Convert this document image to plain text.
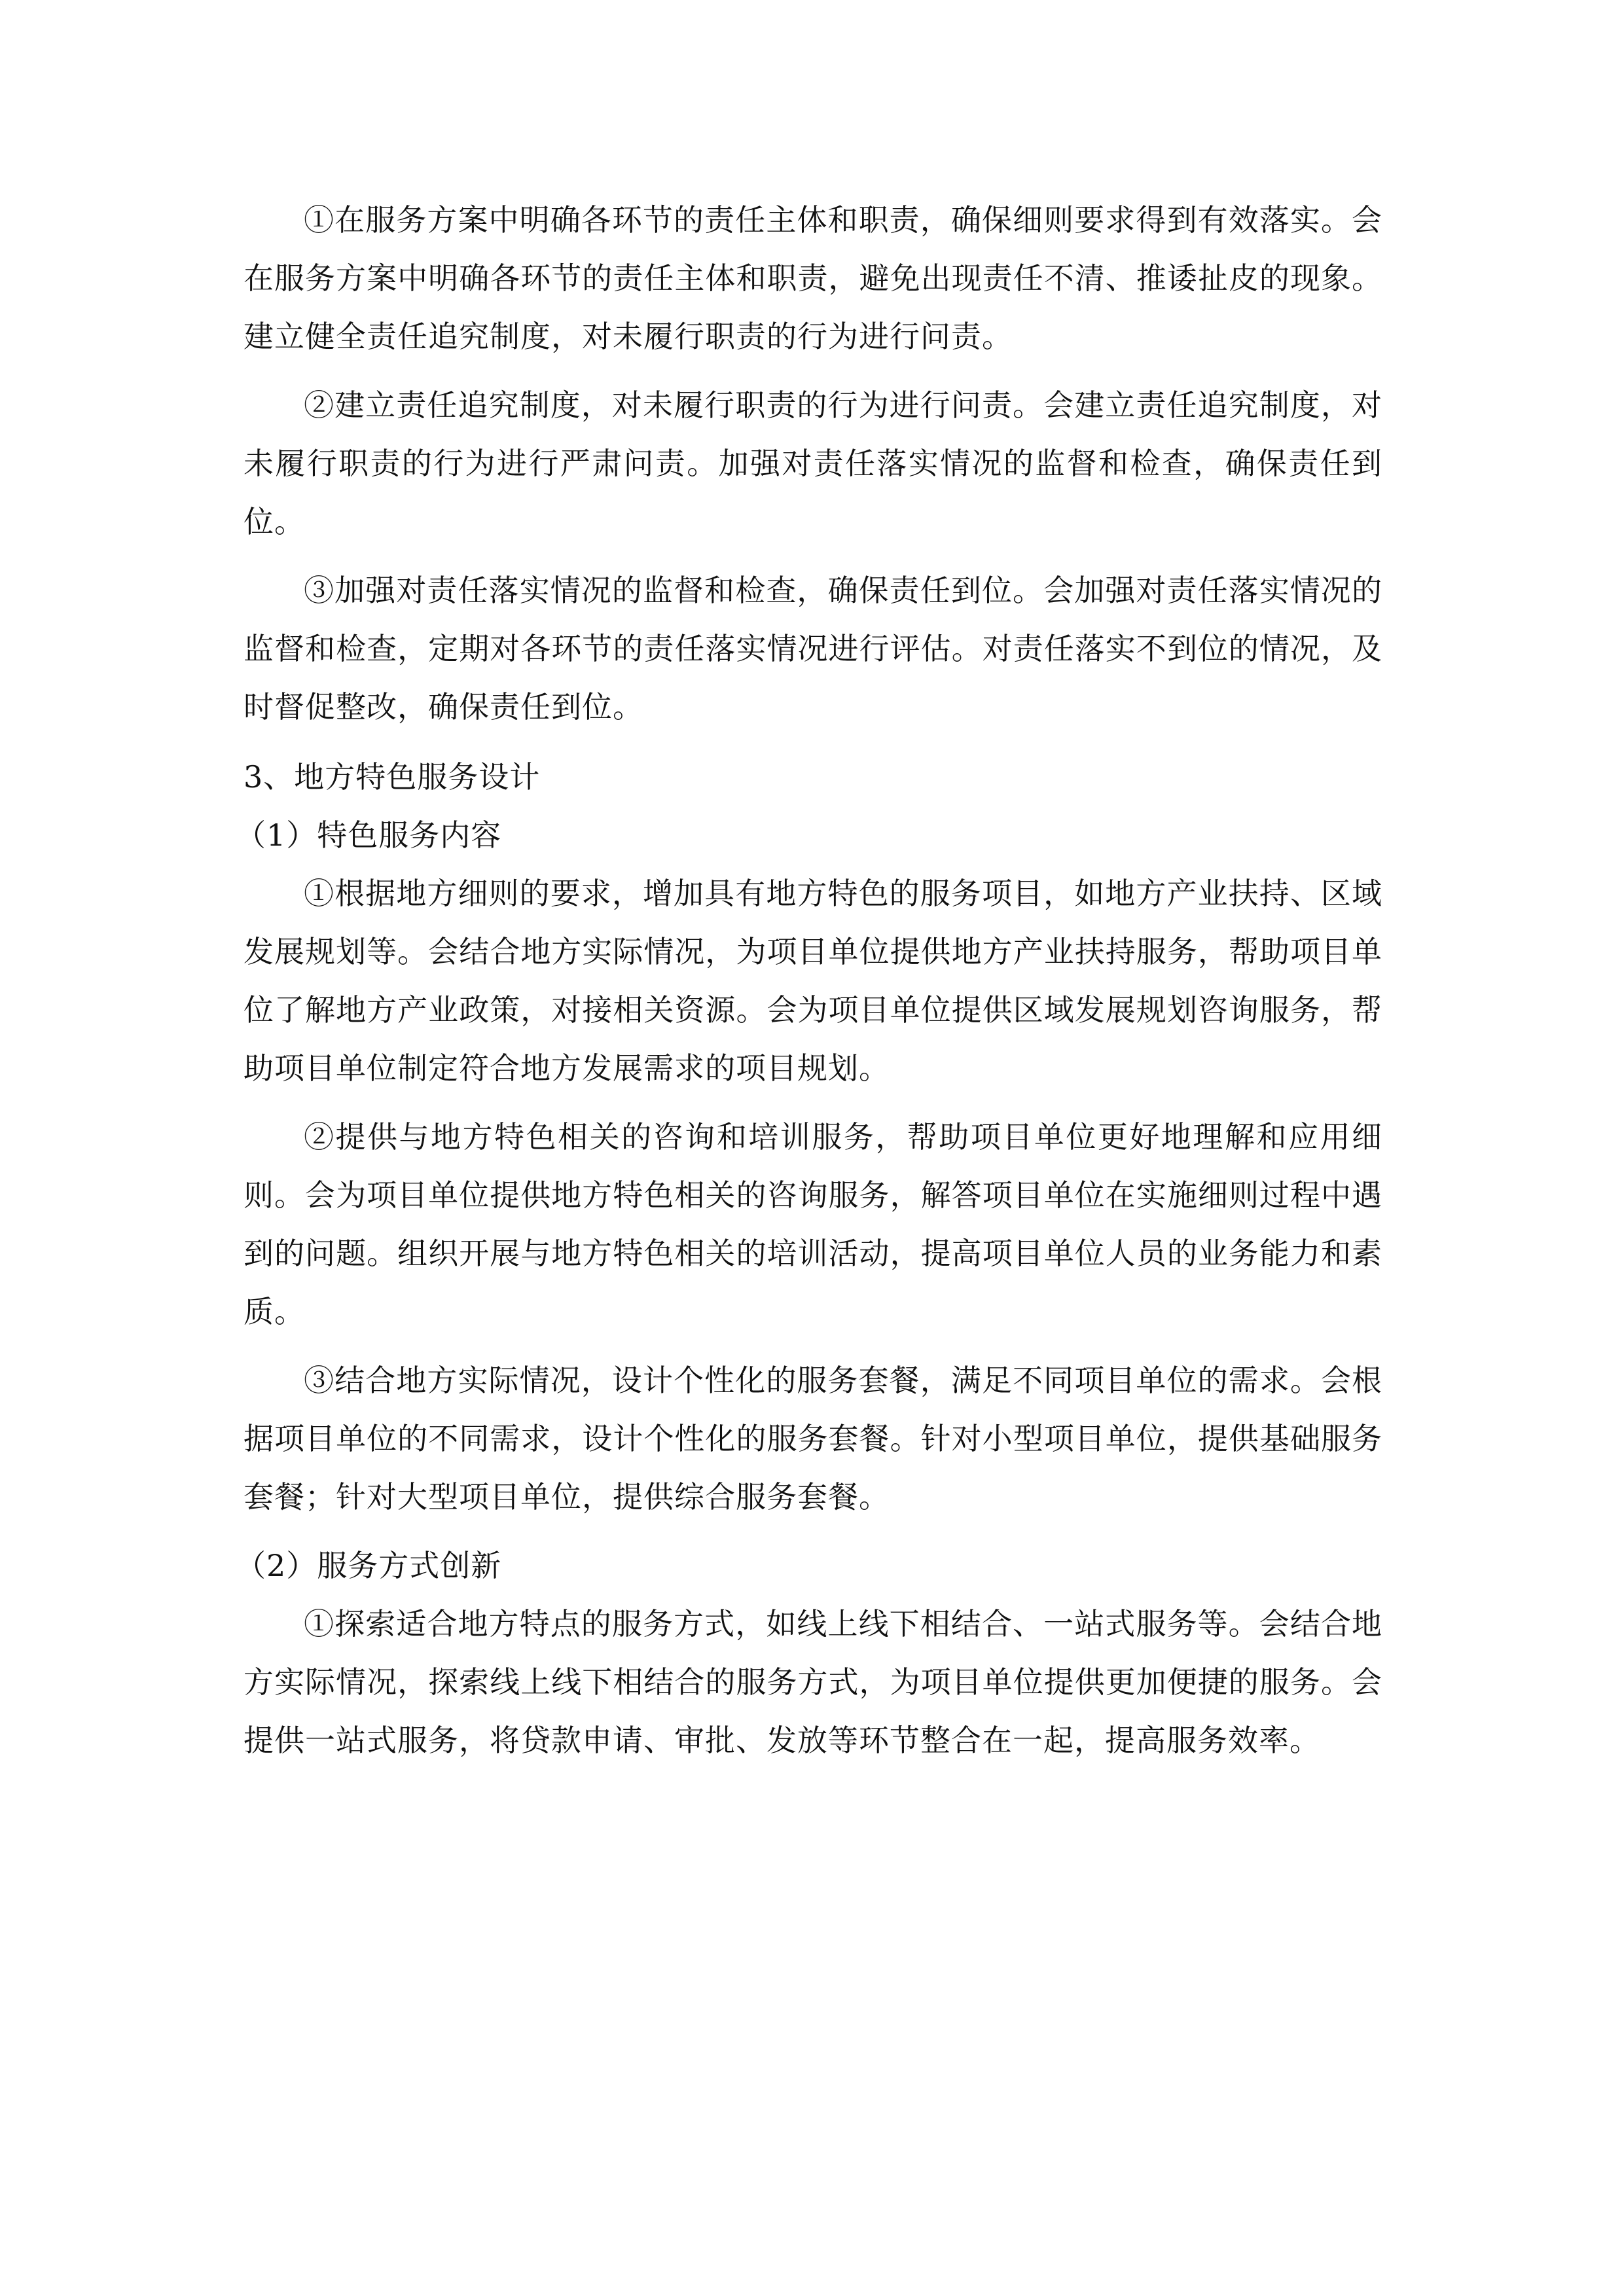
①在服务方案中明确各环节的责任主体和职责，确保细则要求得到有效落实。会在服务方案中明确各环节的责任主体和职责，避免出现责任不清、推诿扯皮的现象。建立健全责任追究制度，对未履行职责的行为进行问责。

②建立责任追究制度，对未履行职责的行为进行问责。会建立责任追究制度，对未履行职责的行为进行严肃问责。加强对责任落实情况的监督和检查，确保责任到位。

③加强对责任落实情况的监督和检查，确保责任到位。会加强对责任落实情况的监督和检查，定期对各环节的责任落实情况进行评估。对责任落实不到位的情况，及时督促整改，确保责任到位。

3、地方特色服务设计

（1）特色服务内容

①根据地方细则的要求，增加具有地方特色的服务项目，如地方产业扶持、区域发展规划等。会结合地方实际情况，为项目单位提供地方产业扶持服务，帮助项目单位了解地方产业政策，对接相关资源。会为项目单位提供区域发展规划咨询服务，帮助项目单位制定符合地方发展需求的项目规划。

②提供与地方特色相关的咨询和培训服务，帮助项目单位更好地理解和应用细则。会为项目单位提供地方特色相关的咨询服务，解答项目单位在实施细则过程中遇到的问题。组织开展与地方特色相关的培训活动，提高项目单位人员的业务能力和素质。

③结合地方实际情况，设计个性化的服务套餐，满足不同项目单位的需求。会根据项目单位的不同需求，设计个性化的服务套餐。针对小型项目单位，提供基础服务套餐；针对大型项目单位，提供综合服务套餐。

（2）服务方式创新

①探索适合地方特点的服务方式，如线上线下相结合、一站式服务等。会结合地方实际情况，探索线上线下相结合的服务方式，为项目单位提供更加便捷的服务。会提供一站式服务，将贷款申请、审批、发放等环节整合在一起，提高服务效率。
